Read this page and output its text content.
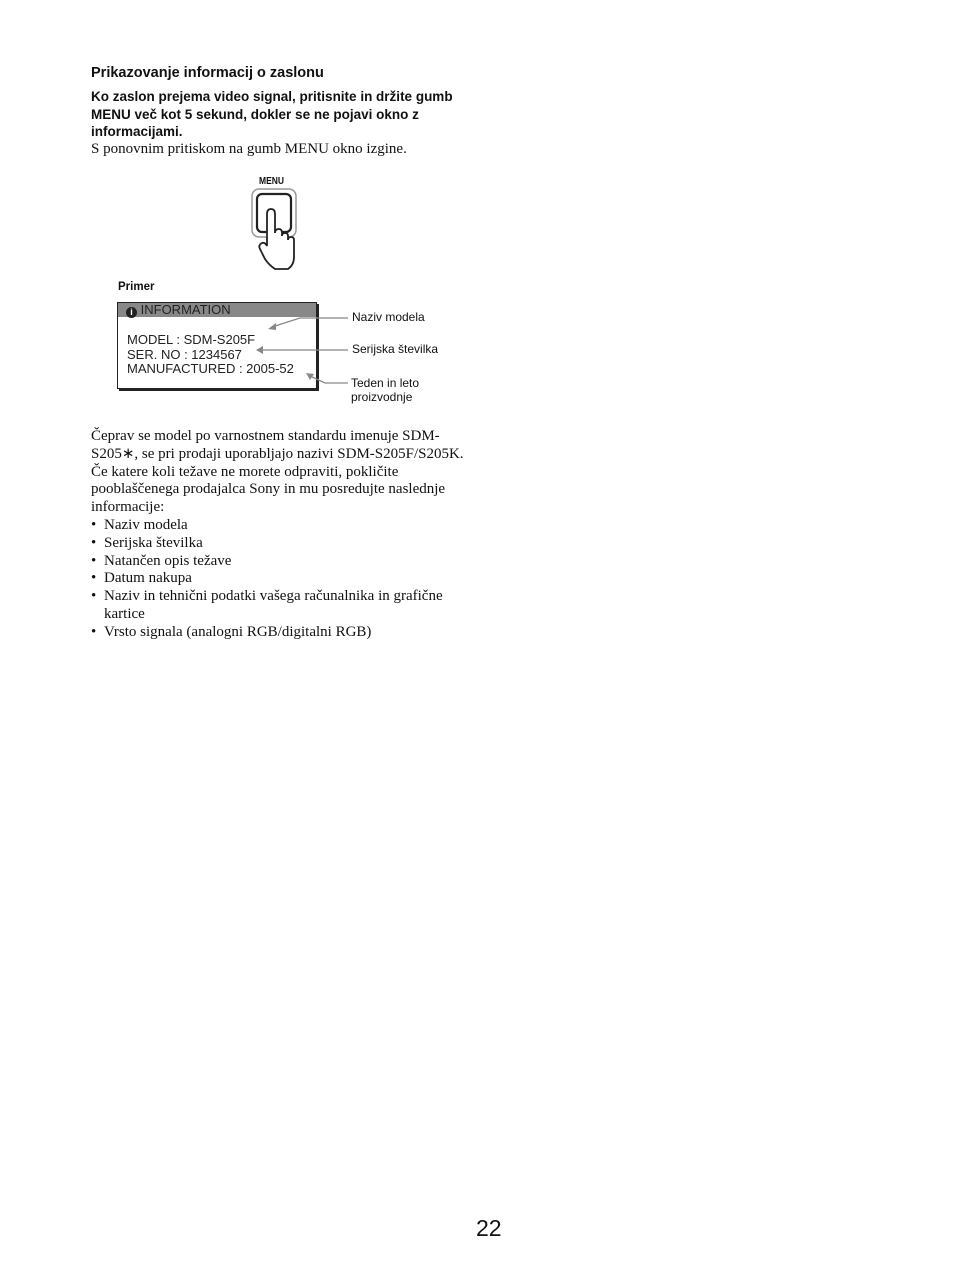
Prikazovanje informacij o zaslonu
Ko zaslon prejema video signal, pritisnite in držite gumb MENU več kot 5 sekund, dokler se ne pojavi okno z informacijami.
S ponovnim pritiskom na gumb MENU okno izgine.
MENU
Primer
i INFORMATION
MODEL : SDM-S205F
SER. NO : 1234567
MANUFACTURED : 2005-52
Naziv modela
Serijska številka
Teden in leto
proizvodnje
Čeprav se model po varnostnem standardu imenuje SDM-S205∗, se pri prodaji uporabljajo nazivi SDM-S205F/S205K. Če katere koli težave ne morete odpraviti, pokličite pooblaščenega prodajalca Sony in mu posredujte naslednje informacije:
• Naziv modela
• Serijska številka
• Natančen opis težave
• Datum nakupa
• Naziv in tehnični podatki vašega računalnika in grafične kartice
• Vrsto signala (analogni RGB/digitalni RGB)
22
